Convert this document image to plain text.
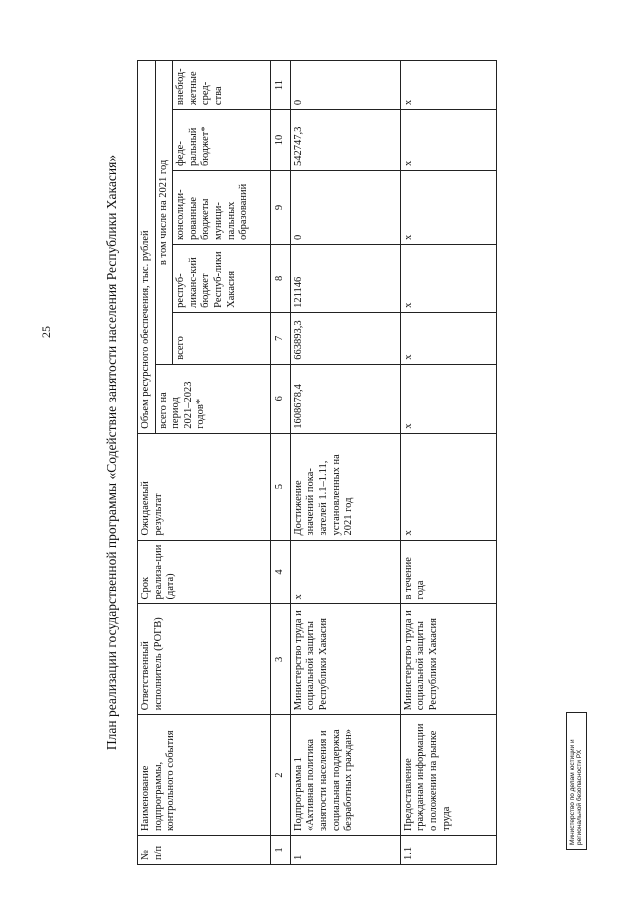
25	План реализации государственной программы «Содействие занятости населения Республики Хакасия»
№ п/п	Наименование подпрограммы, контрольного события	Ответственный исполнитель (РОГВ)	Срок реализа-ции (дата)	Ожидаемый результат	Объем ресурсного обеспечения, тыс. рублей					
					всего на период 2021–2023 годов*	в том числе на 2021 год				
						всего	респуб-ликанс-кий бюджет Респуб-лики Хакасия	консолиди-рованные бюджеты муници-пальных образований	феде-ральный бюджет*	внебюд-жетные сред-ства
1	2	3	4	5	6	7	8	9	10	11
1	Подпрограмма 1 «Активная политика занятости населения и социальная поддержка безработных граждан»	Министерство труда и социальной защиты Республики Хакасия	х	Достижение значений пока-зателей 1.1–1.11, установленных на 2021 год	1608678,4	663893,3	121146	0	542747,3	0
1.1	Предоставление гражданам информации о положении на рынке труда	Министерство труда и социальной защиты Республики Хакасия	в течение года	х	х	х	х	х	х	х
Министерство по делам юстиции и региональной безопасности РХ
